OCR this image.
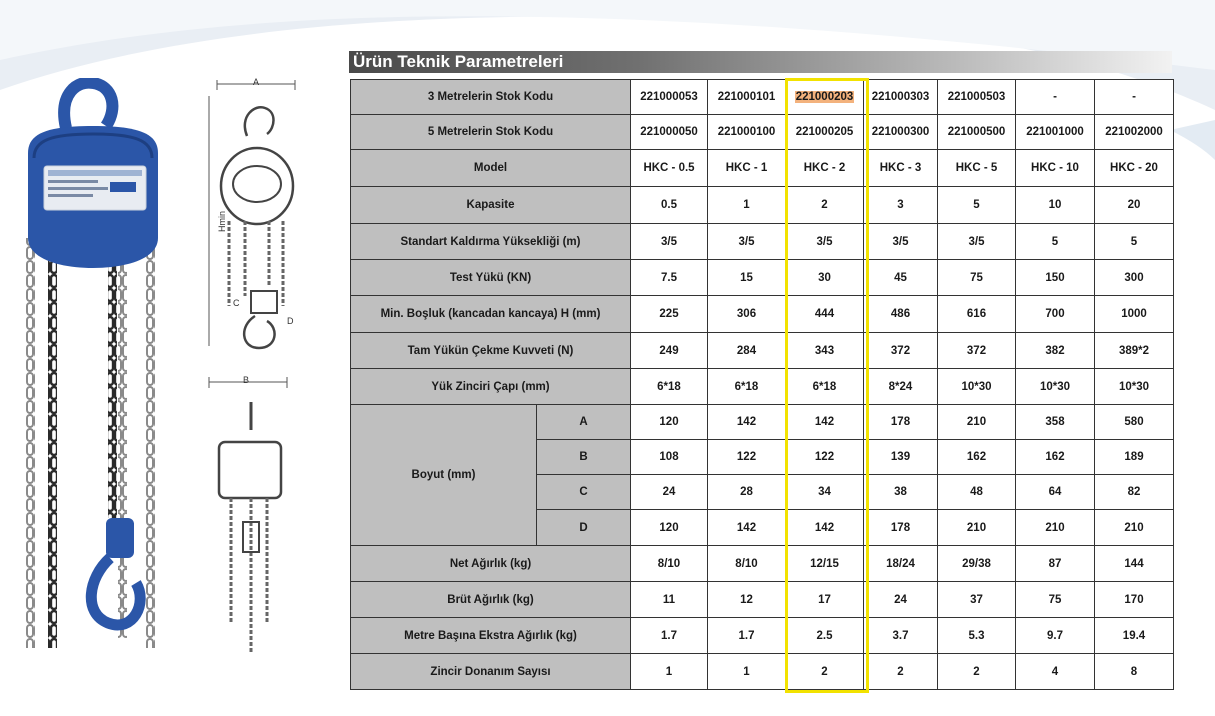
A
Hmin
C
D
B
Ürün Teknik Parametreleri
3 Metrelerin Stok Kodu		221000053	221000101	221000203	221000303	221000503	-	-
5 Metrelerin Stok Kodu		221000050	221000100	221000205	221000300	221000500	221001000	221002000
Model		HKC - 0.5	HKC - 1	HKC - 2	HKC - 3	HKC - 5	HKC - 10	HKC - 20
Kapasite		0.5	1	2	3	5	10	20
Standart Kaldırma Yüksekliği (m)		3/5	3/5	3/5	3/5	3/5	5	5
Test Yükü (KN)		7.5	15	30	45	75	150	300
Min. Boşluk (kancadan kancaya) H (mm)		225	306	444	486	616	700	1000
Tam Yükün Çekme Kuvveti (N)		249	284	343	372	372	382	389*2
Yük Zinciri Çapı (mm)		6*18	6*18	6*18	8*24	10*30	10*30	10*30
Boyut (mm)	A	120	142	142	178	210	358	580
	B	108	122	122	139	162	162	189
	C	24	28	34	38	48	64	82
	D	120	142	142	178	210	210	210
Net Ağırlık (kg)		8/10	8/10	12/15	18/24	29/38	87	144
Brüt Ağırlık (kg)		11	12	17	24	37	75	170
Metre Başına Ekstra Ağırlık (kg)		1.7	1.7	2.5	3.7	5.3	9.7	19.4
Zincir Donanım Sayısı		1	1	2	2	2	4	8
